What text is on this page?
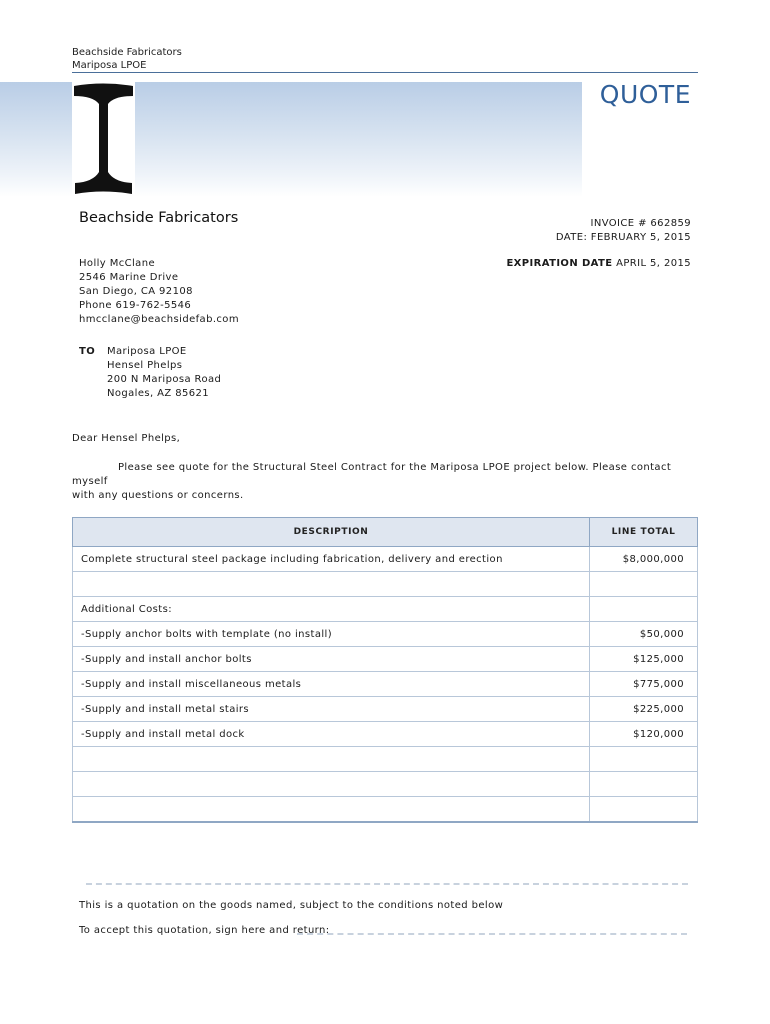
Beachside Fabricators
Mariposa LPOE
QUOTE
Beachside Fabricators	INVOICE # 662859
DATE: FEBRUARY 5, 2015
EXPIRATION DATE APRIL 5, 2015
Holly McClane
2546 Marine Drive
San Diego, CA 92108
Phone 619-762-5546
hmcclane@beachsidefab.com
TO Mariposa LPOE
Hensel Phelps
200 N Mariposa Road
Nogales, AZ 85621
Dear Hensel Phelps,
Please see quote for the Structural Steel Contract for the Mariposa LPOE project below. Please contact myself
with any questions or concerns.
DESCRIPTION	LINE TOTAL
Complete structural steel package including fabrication, delivery and erection	$8,000,000

Additional Costs:	
-Supply anchor bolts with template (no install)	$50,000
-Supply and install anchor bolts	$125,000
-Supply and install miscellaneous metals	$775,000
-Supply and install metal stairs	$225,000
-Supply and install metal dock	$120,000

This is a quotation on the goods named, subject to the conditions noted below
To accept this quotation, sign here and return:
